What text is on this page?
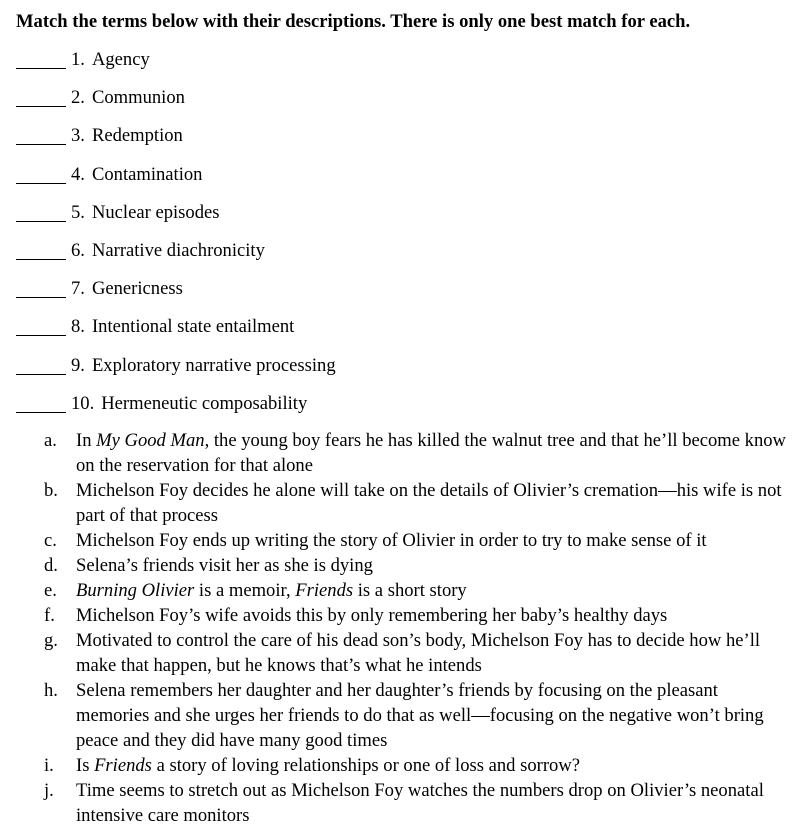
Match the terms below with their descriptions. There is only one best match for each.

1. Agency
2. Communion
3. Redemption
4. Contamination
5. Nuclear episodes
6. Narrative diachronicity
7. Genericness
8. Intentional state entailment
9. Exploratory narrative processing
10. Hermeneutic composability
a.	In My Good Man, the young boy fears he has killed the walnut tree and that he’ll become know on the reservation for that alone
b. Michelson Foy decides he alone will take on the details of Olivier’s cremation—his wife is not part of that process
c.	Michelson Foy ends up writing the story of Olivier in order to try to make sense of it
d. Selena’s friends visit her as she is dying
e.	Burning Olivier is a memoir, Friends is a short story
f.	Michelson Foy’s wife avoids this by only remembering her baby’s healthy days
g. Motivated to control the care of his dead son’s body, Michelson Foy has to decide how he’ll make that happen, but he knows that’s what he intends
h. Selena remembers her daughter and her daughter’s friends by focusing on the pleasant memories and she urges her friends to do that as well—focusing on the negative won’t bring peace and they did have many good times
i.	Is Friends a story of loving relationships or one of loss and sorrow?
j.	Time seems to stretch out as Michelson Foy watches the numbers drop on Olivier’s neonatal intensive care monitors
